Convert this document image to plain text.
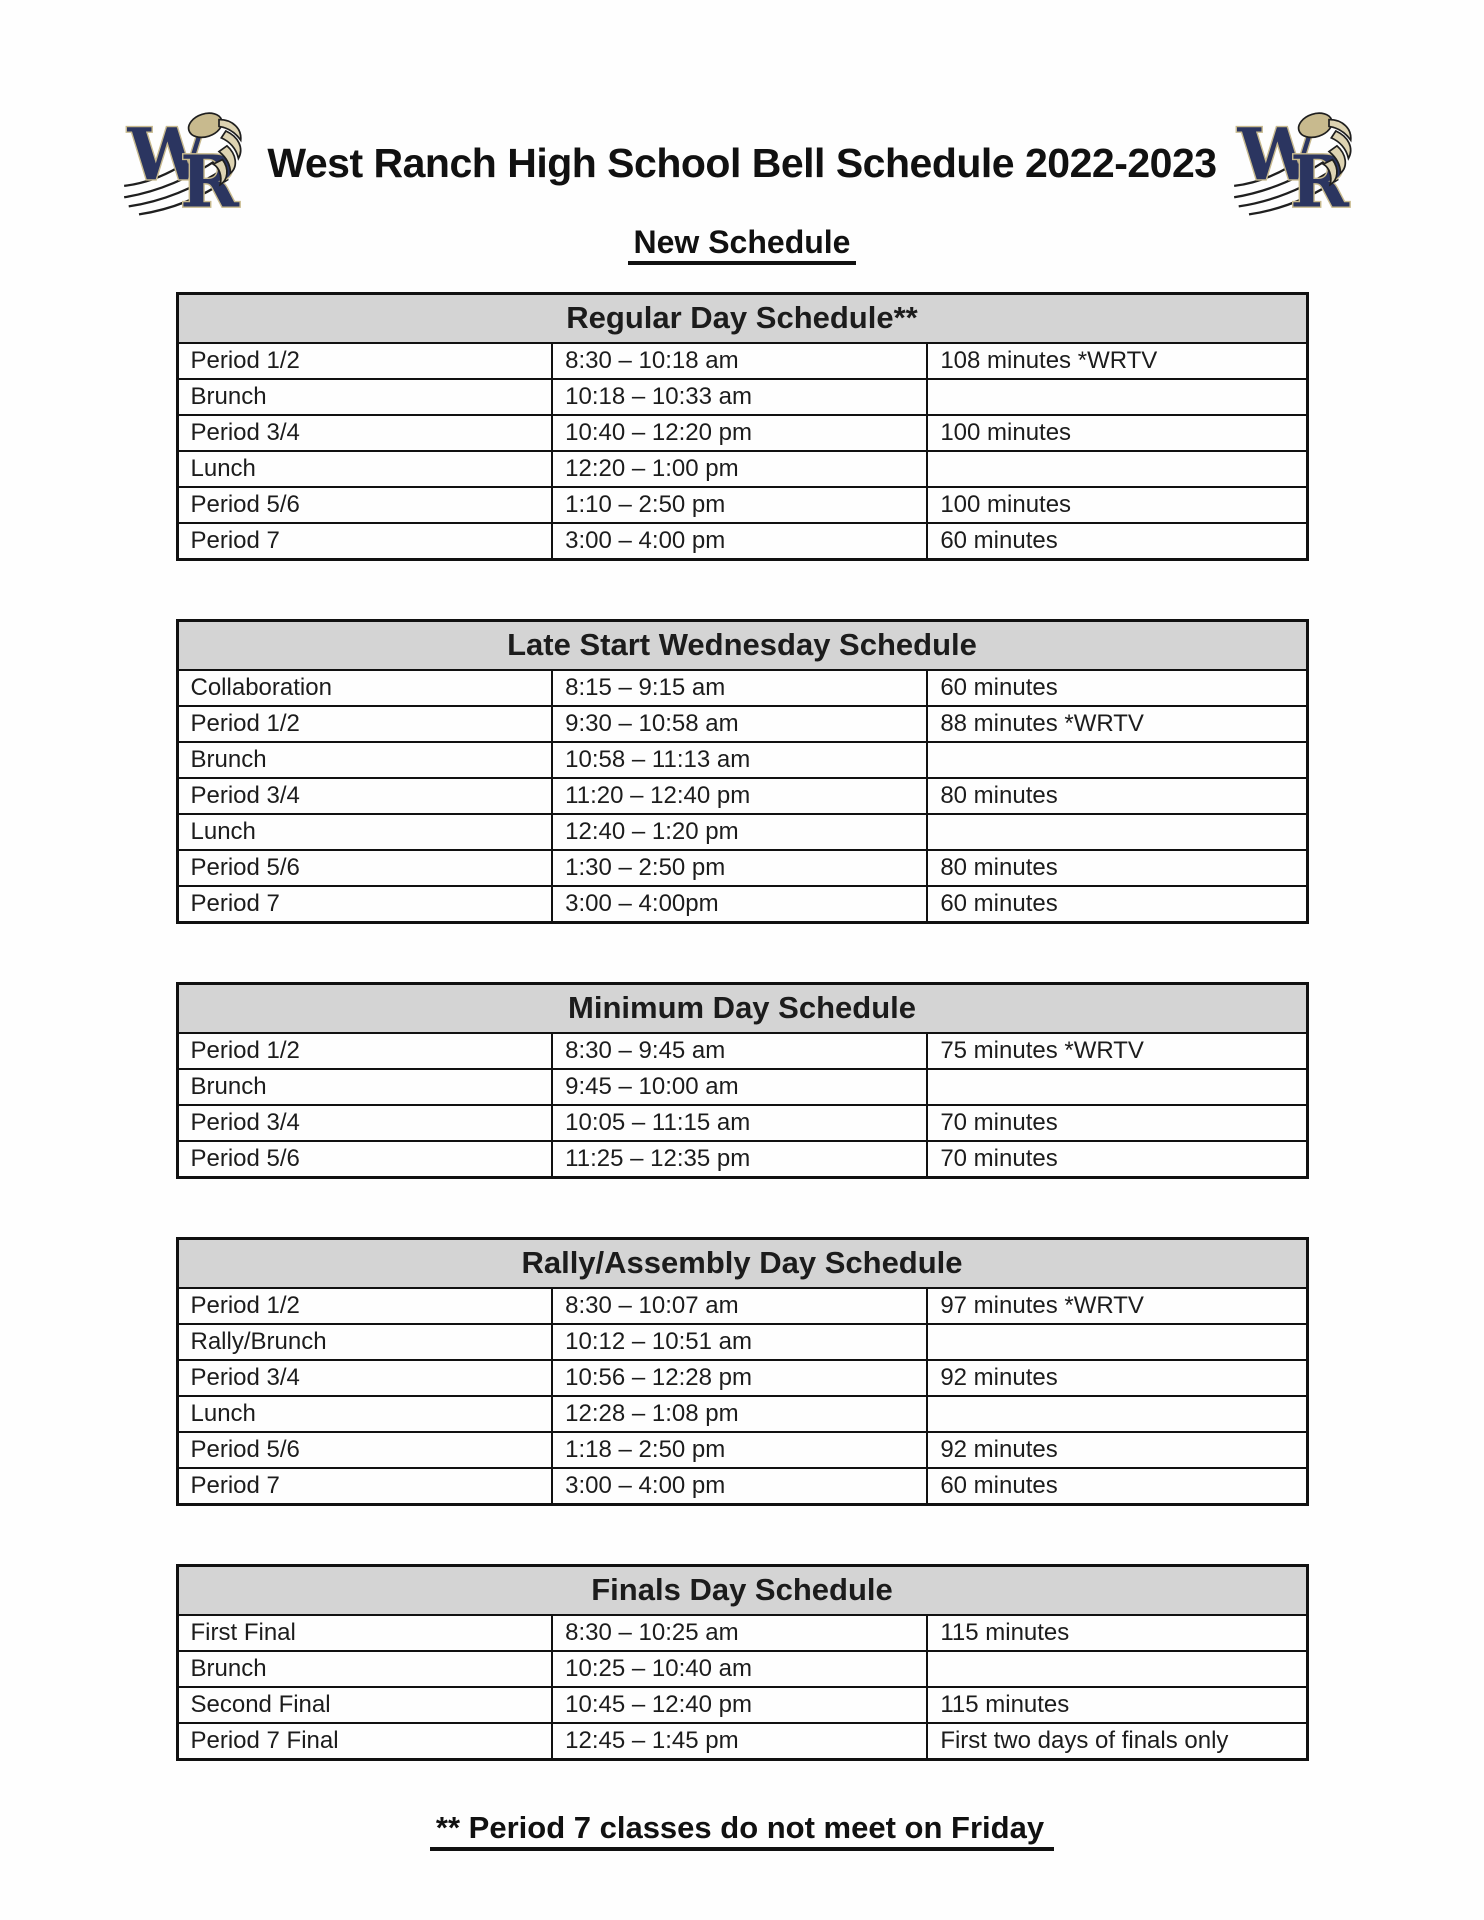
West Ranch High School Bell Schedule 2022-2023
New Schedule
Regular Day Schedule**		
Period 1/2	8:30 – 10:18 am	108 minutes *WRTV
Brunch	10:18 – 10:33 am	
Period 3/4	10:40 – 12:20 pm	100 minutes
Lunch	12:20 – 1:00 pm	
Period 5/6	1:10 – 2:50 pm	100 minutes
Period 7	3:00 – 4:00 pm	60 minutes
Late Start Wednesday Schedule		
Collaboration	8:15 – 9:15 am	60 minutes
Period 1/2	9:30 – 10:58 am	88 minutes *WRTV
Brunch	10:58 – 11:13 am	
Period 3/4	11:20 – 12:40 pm	80 minutes
Lunch	12:40 – 1:20 pm	
Period 5/6	1:30 – 2:50 pm	80 minutes
Period 7	3:00 – 4:00pm	60 minutes
Minimum Day Schedule		
Period 1/2	8:30 – 9:45 am	75 minutes *WRTV
Brunch	9:45 – 10:00 am	
Period 3/4	10:05 – 11:15 am	70 minutes
Period 5/6	11:25 – 12:35 pm	70 minutes
Rally/Assembly Day Schedule		
Period 1/2	8:30 – 10:07 am	97 minutes *WRTV
Rally/Brunch	10:12 – 10:51 am	
Period 3/4	10:56 – 12:28 pm	92 minutes
Lunch	12:28 – 1:08 pm	
Period 5/6	1:18 – 2:50 pm	92 minutes
Period 7	3:00 – 4:00 pm	60 minutes
Finals Day Schedule		
First Final	8:30 – 10:25 am	115 minutes
Brunch	10:25 – 10:40 am	
Second Final	10:45 – 12:40 pm	115 minutes
Period 7 Final	12:45 – 1:45 pm	First two days of finals only
** Period 7 classes do not meet on Friday
